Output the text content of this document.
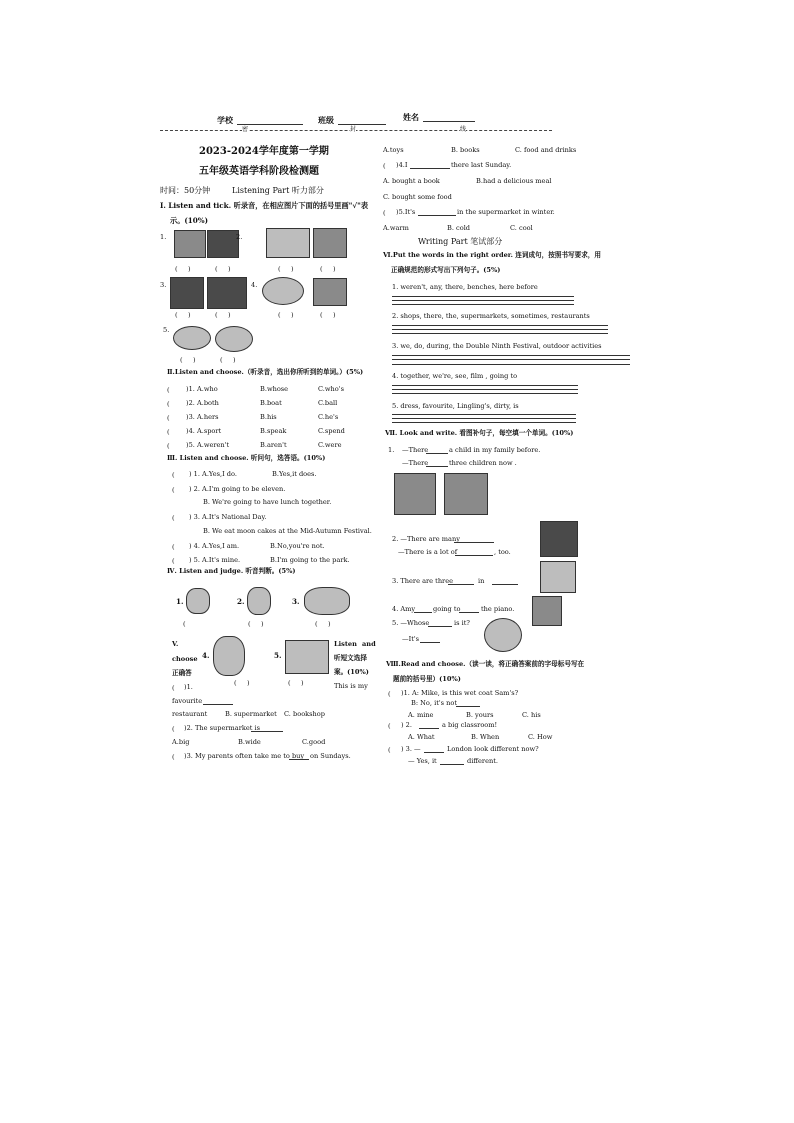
学校	班级	姓名
密	封	线
2023-2024学年度第一学期
五年级英语学科阶段检测题
时间：50分钟	Listening Part 听力部分
Ⅰ. Listen and tick. 听录音，在相应图片下面的括号里画"√"表
示。(10%)
1.	2.
(     )	(     )	(     )	(     )
3.	4.
(     )	(     )	(     )	(     )
5.
(     )	(     )
Ⅱ.Listen and choose.（听录音，选出你所听到的单词。）(5%)
( )1. A.who	B.whose	C.who's
( )2. A.both	B.boat	C.ball
( )3. A.hers	B.his	C.he's
( )4. A.sport	B.speak	C.spend
( )5. A.weren't	B.aren't	C.were
Ⅲ. Listen and choose. 听问句，选答语。(10%)
( ) 1. A.Yes,I do.	B.Yes,it does.
( ) 2. A.I'm going to be eleven.
B. We're going to have lunch together.
( ) 3. A.It's National Day.
B. We eat moon cakes at the Mid-Autumn Festival.
( ) 4. A.Yes,I am.	B.No,you're not.
( ) 5. A.It's mine.	B.I'm going to the park.
Ⅳ. Listen and judge. 听音判断。(5%)
1.	2.	3.
(	(     )	(     )
V.
4.	5.
Listen and
choose	听短文选择
正确答	案。(10%)
(     )	(     )
( )1.	This is my
favourite
restaurant	B. supermarket C. bookshop
( )2. The supermarket is
A.big	B.wide	C.good
( )3. My parents often take me to buy on Sundays.
A.toys	B. books	C. food and drinks
( )4.I	there last Sunday.
A. bought a book	B.had a delicious meal
C. bought some food
( )5.It's	in the supermarket in winter.
A.warm	B. cold	C. cool
Writing Part 笔试部分
Ⅵ.Put the words in the right order. 连词成句，按照书写要求，用
正确规范的形式写出下列句子。(5%)
1. weren't, any, there, benches, here before
2. shops, there, the, supermarkets, sometimes, restaurants
3. we, do, during, the Double Ninth Festival, outdoor activities
4. together, we're, see, film , going to
5. dress, favourite, Lingling's, dirty, is
Ⅶ. Look and write. 看图补句子，每空填一个单词。(10%)
1. —There	a child in my family before.
—There	three children now .
2. —There are many
—There is a lot of	, too.
3. There are three	in
4. Amy	going to	the piano.
5. —Whose	is it?
—It's
Ⅷ.Read and choose.（读一读，将正确答案前的字母标号写在
题前的括号里）(10%)
( )1. A: Mike, is this wet coat Sam's?
B: No, it's not
A. mine	B. yours	C. his
( ) 2.	a big classroom!
A. What	B. When	C. How
( ) 3. —	London look different now?
— Yes, it	different.
